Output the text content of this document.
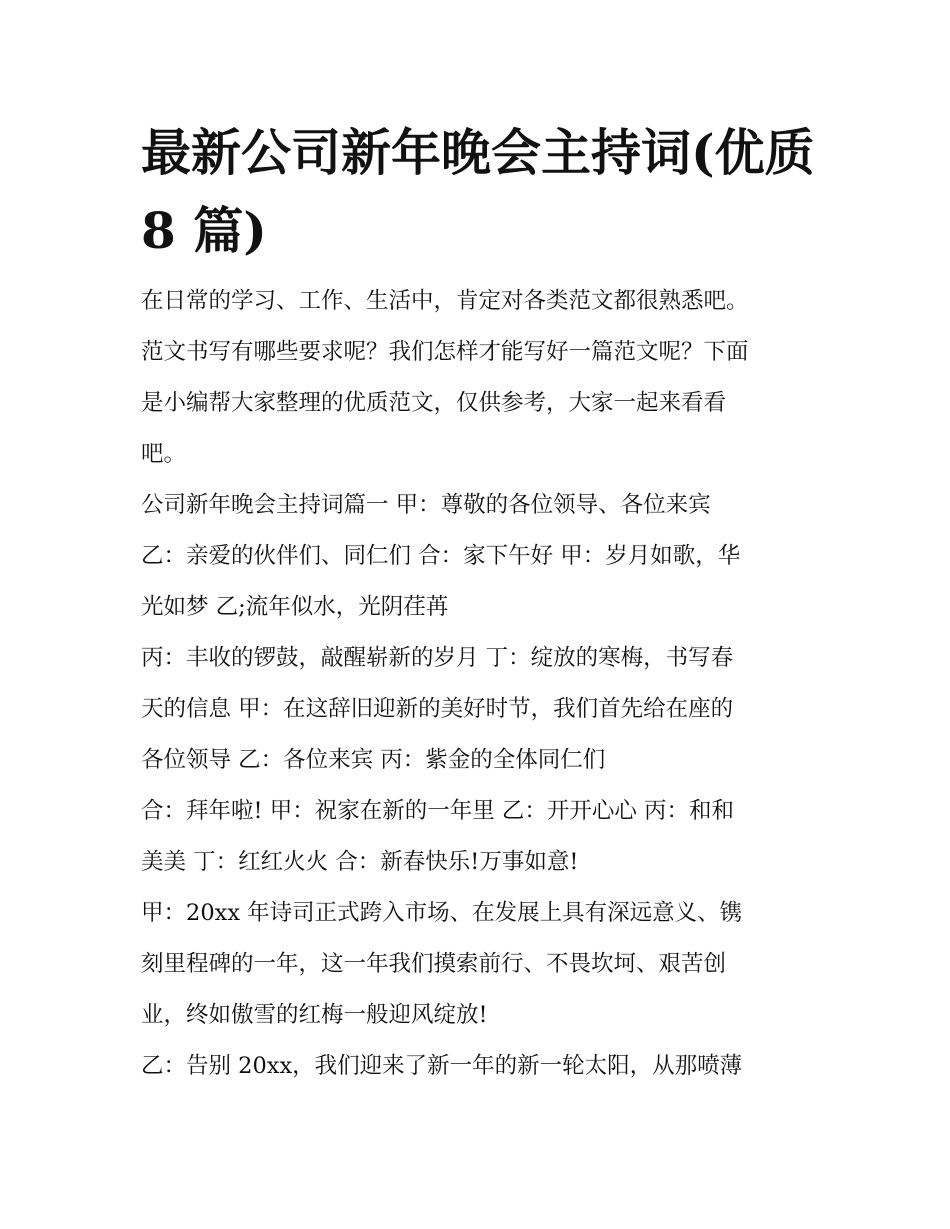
最新公司新年晚会主持词(优质
8 篇)
在日常的学习、工作、生活中，肯定对各类范文都很熟悉吧。
范文书写有哪些要求呢？我们怎样才能写好一篇范文呢？下面
是小编帮大家整理的优质范文，仅供参考，大家一起来看看
吧。
公司新年晚会主持词篇一 甲：尊敬的各位领导、各位来宾
乙：亲爱的伙伴们、同仁们 合：家下午好 甲：岁月如歌，华
光如梦 乙;流年似水，光阴荏苒
丙：丰收的锣鼓，敲醒崭新的岁月 丁：绽放的寒梅，书写春
天的信息 甲：在这辞旧迎新的美好时节，我们首先给在座的
各位领导 乙：各位来宾 丙：紫金的全体同仁们
合：拜年啦! 甲：祝家在新的一年里 乙：开开心心 丙：和和
美美 丁：红红火火 合：新春快乐!万事如意!
甲：20xx 年诗司正式跨入市场、在发展上具有深远意义、镌
刻里程碑的一年，这一年我们摸索前行、不畏坎坷、艰苦创
业，终如傲雪的红梅一般迎风绽放!
乙：告别 20xx，我们迎来了新一年的新一轮太阳，从那喷薄
